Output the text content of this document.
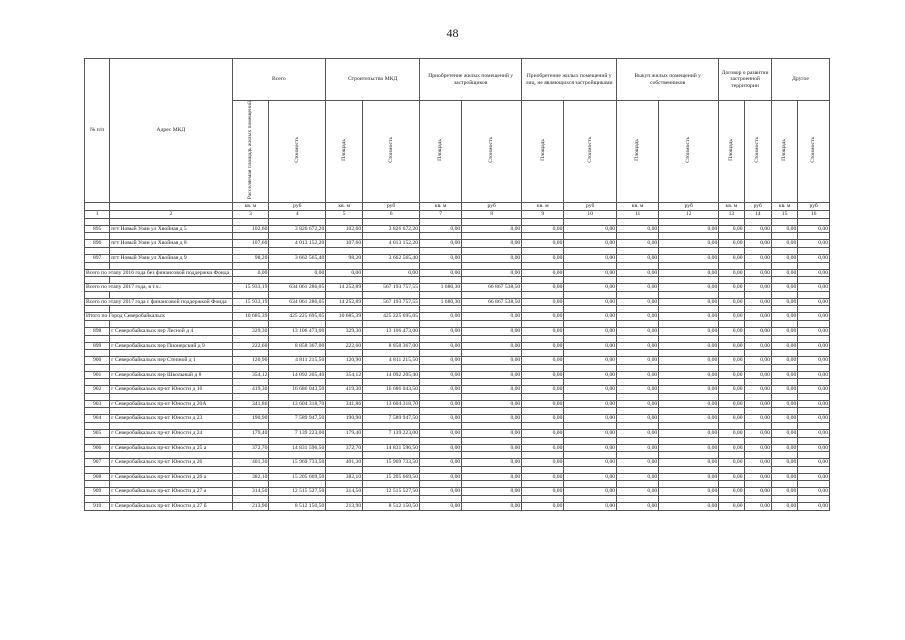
48
№ п/п	Адрес МКД	Всего		Строительство МКД		Приобретение жилых помещений у застройщиков		Приобретение жилых помещений у лиц, не являющихся застройщиками		Выкуп жилых помещений у собственников		Договор о развитии застроенной территории		Другое	
		Расселяемая площадь жилых помещений	Стоимость	Площадь	Стоимость	Площадь	Стоимость	Площадь	Стоимость	Площадь	Стоимость	Площадь	Стоимость	Площадь	Стоимость
		кв. м	руб	кв. м	руб	кв. м	руб	кв. м	руб	кв. м	руб	кв. м	руб	кв. м	руб
1	2	3	4	5	6	7	8	9	10	11	12	13	14	15	16

895	пгт Новый Уоян ул Хвойная д 5	102,60	3 826 672,20	102,60	3 826 672,20	0,00	0,00	0,00	0,00	0,00	0,00	0,00	0,00	0,00	0,00

896	пгт Новый Уоян ул Хвойная д 8	107,60	4 013 152,20	107,60	4 013 152,20	0,00	0,00	0,00	0,00	0,00	0,00	0,00	0,00	0,00	0,00

897	пгт Новый Уоян ул Хвойная д 9	98,20	3 662 565,40	98,20	3 662 565,40	0,00	0,00	0,00	0,00	0,00	0,00	0,00	0,00	0,00	0,00

Всего по этапу 2016 года без финансовой поддержки Фонда		0,00	0,00	0,00	0,00	0,00	0,00	0,00	0,00	0,00	0,00	0,00	0,00	0,00	0,00

Всего по этапу 2017 года, в т.ч.:		15 933,19	634 061 286,05	14 252,89	567 193 757,55	1 680,30	66 867 538,50	0,00	0,00	0,00	0,00	0,00	0,00	0,00	0,00

Всего по этапу 2017 года с финансовой поддержкой Фонда		15 933,19	634 061 286,05	14 252,89	567 193 757,55	1 680,30	66 867 538,50	0,00	0,00	0,00	0,00	0,00	0,00	0,00	0,00

Итого по Город Северобайкальск		10 685,39	425 225 695,05	10 685,39	425 225 695,05	0,00	0,00	0,00	0,00	0,00	0,00	0,00	0,00	0,00	0,00

898	г Северобайкальск пер Лесной д 4	329,30	13 106 473,00	329,30	13 106 473,00	0,00	0,00	0,00	0,00	0,00	0,00	0,00	0,00	0,00	0,00

899	г Северобайкальск пер Пионерский д 9	222,60	8 858 367,00	222,60	8 858 367,00	0,00	0,00	0,00	0,00	0,00	0,00	0,00	0,00	0,00	0,00

900	г Северобайкальск пер Степной д 1	120,90	4 811 215,50	120,90	4 811 215,50	0,00	0,00	0,00	0,00	0,00	0,00	0,00	0,00	0,00	0,00

901	г Северобайкальск пер Школьный д 8	354,12	14 092 205,40	354,12	14 092 205,40	0,00	0,00	0,00	0,00	0,00	0,00	0,00	0,00	0,00	0,00

902	г Северобайкальск пр-кт Юности д 16	419,30	16 686 043,50	419,30	16 686 043,50	0,00	0,00	0,00	0,00	0,00	0,00	0,00	0,00	0,00	0,00

903	г Северобайкальск пр-кт Юности д 20А	341,86	13 604 318,70	341,86	13 604 318,70	0,00	0,00	0,00	0,00	0,00	0,00	0,00	0,00	0,00	0,00

904	г Северобайкальск пр-кт Юности д 23	190,90	7 589 947,50	190,90	7 589 947,50	0,00	0,00	0,00	0,00	0,00	0,00	0,00	0,00	0,00	0,00

905	г Северобайкальск пр-кт Юности д 24	179,40	7 139 223,00	179,40	7 139 223,00	0,00	0,00	0,00	0,00	0,00	0,00	0,00	0,00	0,00	0,00

906	г Северобайкальск пр-кт Юности д 25 а	372,70	14 831 596,50	372,70	14 831 596,50	0,00	0,00	0,00	0,00	0,00	0,00	0,00	0,00	0,00	0,00

907	г Северобайкальск пр-кт Юности д 26	401,30	15 969 733,50	401,30	15 969 733,50	0,00	0,00	0,00	0,00	0,00	0,00	0,00	0,00	0,00	0,00

908	г Северобайкальск пр-кт Юности д 26 а	382,10	15 205 669,50	382,10	15 205 669,50	0,00	0,00	0,00	0,00	0,00	0,00	0,00	0,00	0,00	0,00

909	г Северобайкальск пр-кт Юности д 27 а	314,50	12 515 527,50	314,50	12 515 527,50	0,00	0,00	0,00	0,00	0,00	0,00	0,00	0,00	0,00	0,00

910	г Северобайкальск пр-кт Юности д 27 б	213,90	8 512 150,50	213,90	8 512 150,50	0,00	0,00	0,00	0,00	0,00	0,00	0,00	0,00	0,00	0,00
